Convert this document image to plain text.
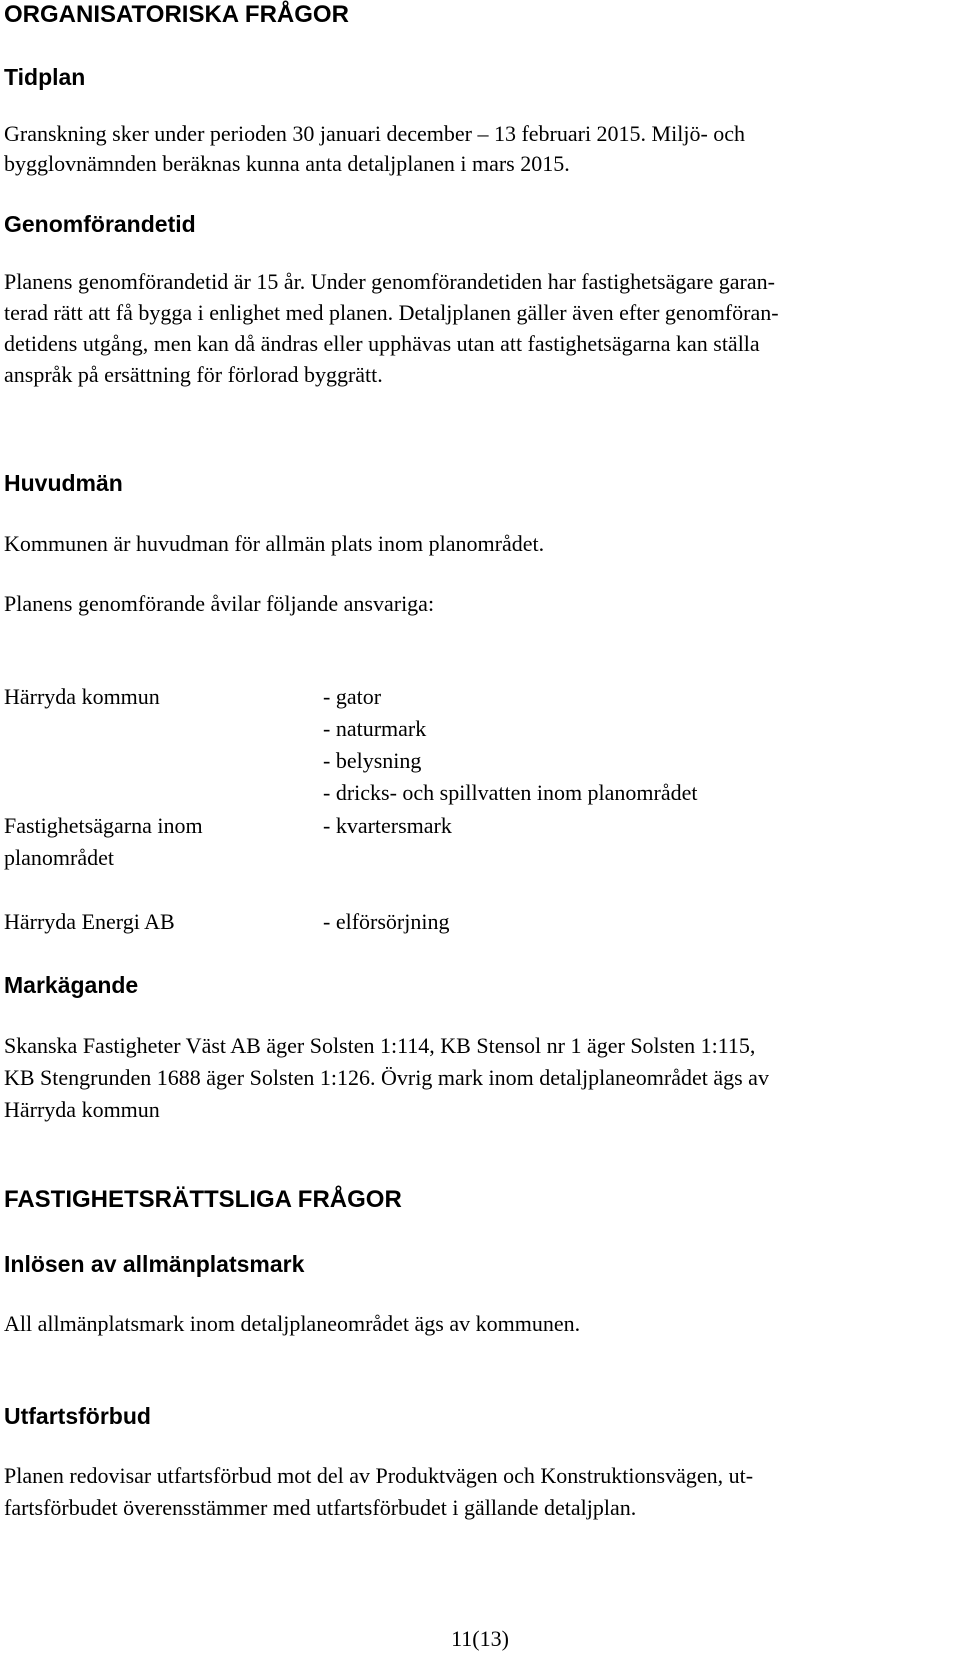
ORGANISATORISKA FRÅGOR
Tidplan
Granskning sker under perioden 30 januari december – 13 februari 2015. Miljö- och
bygglovnämnden beräknas kunna anta detaljplanen i mars 2015.
Genomförandetid
Planens genomförandetid är 15 år. Under genomförandetiden har fastighetsägare garan-
terad rätt att få bygga i enlighet med planen. Detaljplanen gäller även efter genomföran-
detidens utgång, men kan då ändras eller upphävas utan att fastighetsägarna kan ställa
anspråk på ersättning för förlorad byggrätt.
Huvudmän
Kommunen är huvudman för allmän plats inom planområdet.
Planens genomförande åvilar följande ansvariga:
Härryda kommun	- gator
- naturmark
- belysning
- dricks- och spillvatten inom planområdet
Fastighetsägarna inom
planområdet
- kvartersmark
Härryda Energi AB	- elförsörjning
Markägande
Skanska Fastigheter Väst AB äger Solsten 1:114, KB Stensol nr 1 äger Solsten 1:115,
KB Stengrunden 1688 äger Solsten 1:126. Övrig mark inom detaljplaneområdet ägs av
Härryda kommun
FASTIGHETSRÄTTSLIGA FRÅGOR
Inlösen av allmänplatsmark
All allmänplatsmark inom detaljplaneområdet ägs av kommunen.
Utfartsförbud
Planen redovisar utfartsförbud mot del av Produktvägen och Konstruktionsvägen, ut-
fartsförbudet överensstämmer med utfartsförbudet i gällande detaljplan.
11(13)
